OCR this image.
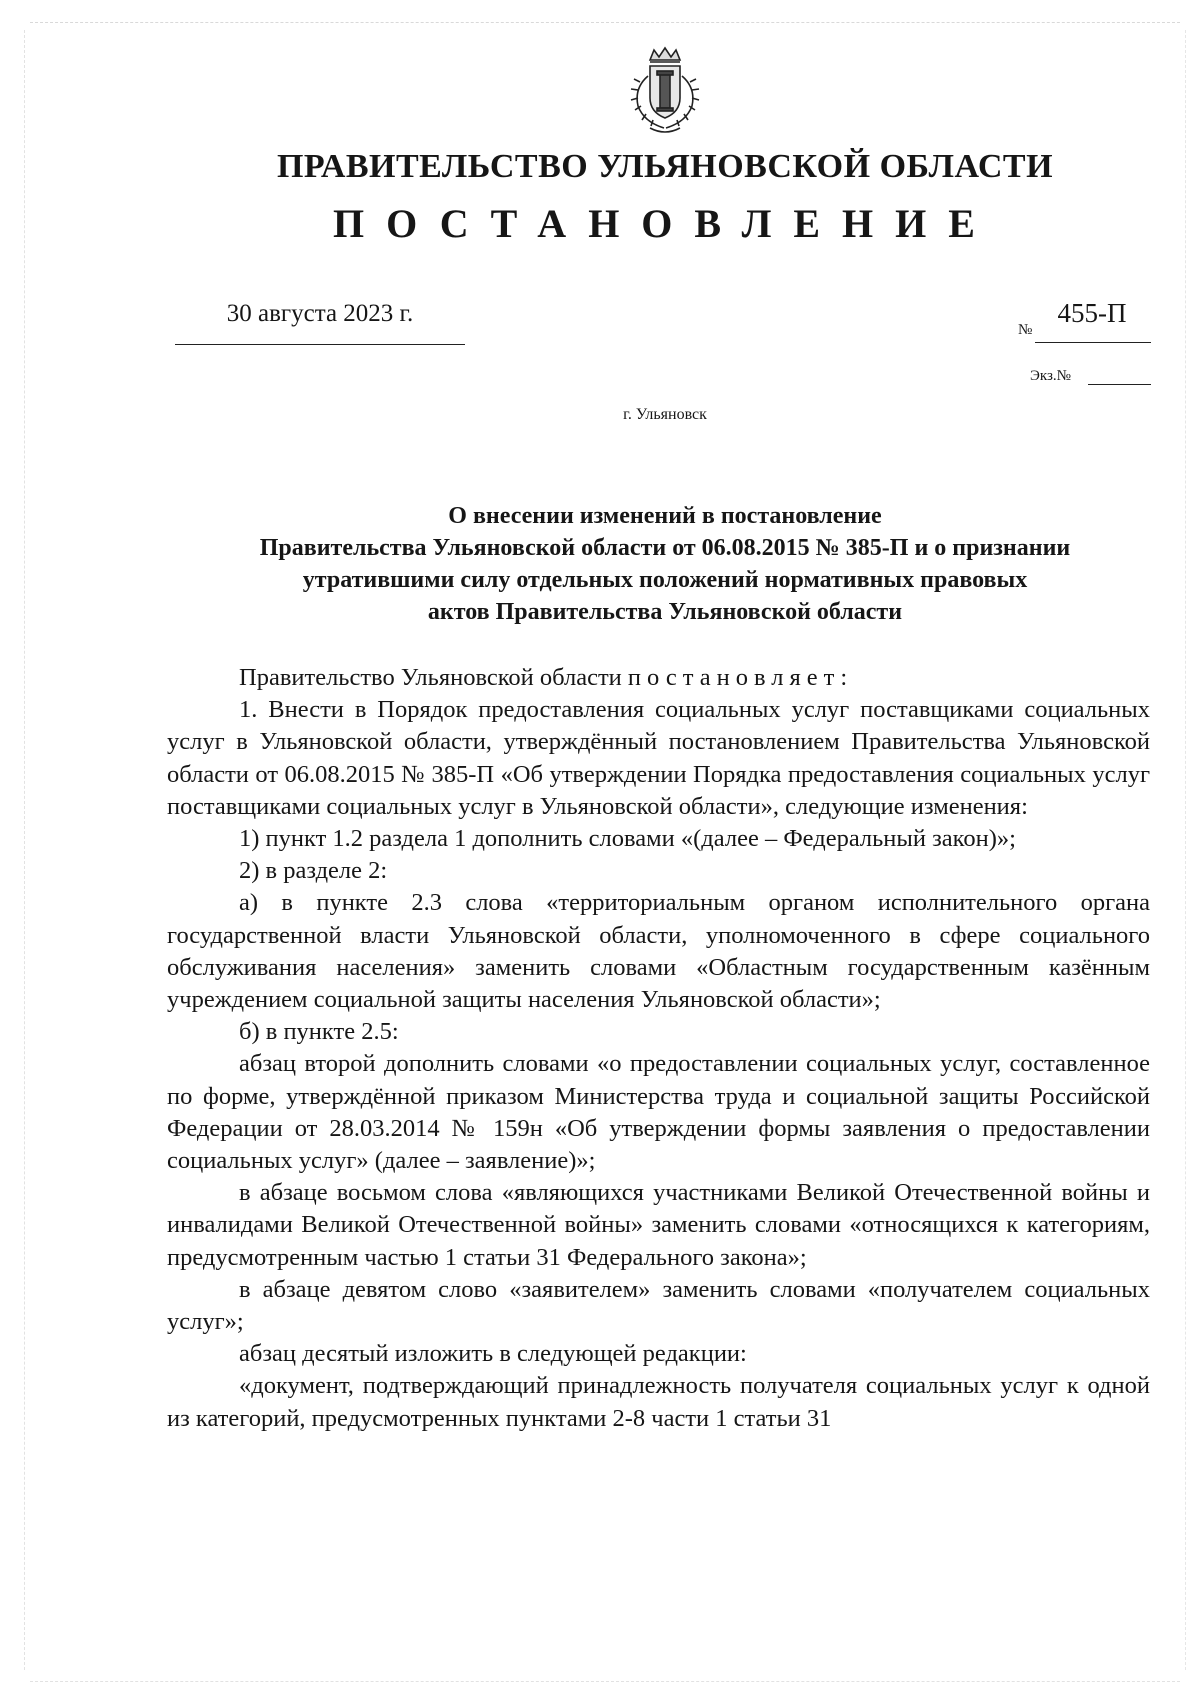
ПРАВИТЕЛЬСТВО УЛЬЯНОВСКОЙ ОБЛАСТИ
ПОСТАНОВЛЕНИЕ
30 августа 2023 г.
№
455-П
Экз.№
г. Ульяновск
О внесении изменений в постановление
Правительства Ульяновской области от 06.08.2015 № 385-П и о признании
утратившими силу отдельных положений нормативных правовых
актов Правительства Ульяновской области

Правительство Ульяновской области постановляет:

1. Внести в Порядок предоставления социальных услуг поставщиками социальных услуг в Ульяновской области, утверждённый постановлением Правительства Ульяновской области от 06.08.2015 № 385-П «Об утверждении Порядка предоставления социальных услуг поставщиками социальных услуг в Ульяновской области», следующие изменения:

1) пункт 1.2 раздела 1 дополнить словами «(далее – Федеральный закон)»;

2) в разделе 2:

а) в пункте 2.3 слова «территориальным органом исполнительного органа государственной власти Ульяновской области, уполномоченного в сфере социального обслуживания населения» заменить словами «Областным государственным казённым учреждением социальной защиты населения Ульяновской области»;

б) в пункте 2.5:

абзац второй дополнить словами «о предоставлении социальных услуг, составленное по форме, утверждённой приказом Министерства труда и социальной защиты Российской Федерации от 28.03.2014 № 159н «Об утверждении формы заявления о предоставлении социальных услуг» (далее – заявление)»;

в абзаце восьмом слова «являющихся участниками Великой Отечественной войны и инвалидами Великой Отечественной войны» заменить словами «относящихся к категориям, предусмотренным частью 1 статьи 31 Федерального закона»;

в абзаце девятом слово «заявителем» заменить словами «получателем социальных услуг»;

абзац десятый изложить в следующей редакции:

«документ, подтверждающий принадлежность получателя социальных услуг к одной из категорий, предусмотренных пунктами 2-8 части 1 статьи 31
